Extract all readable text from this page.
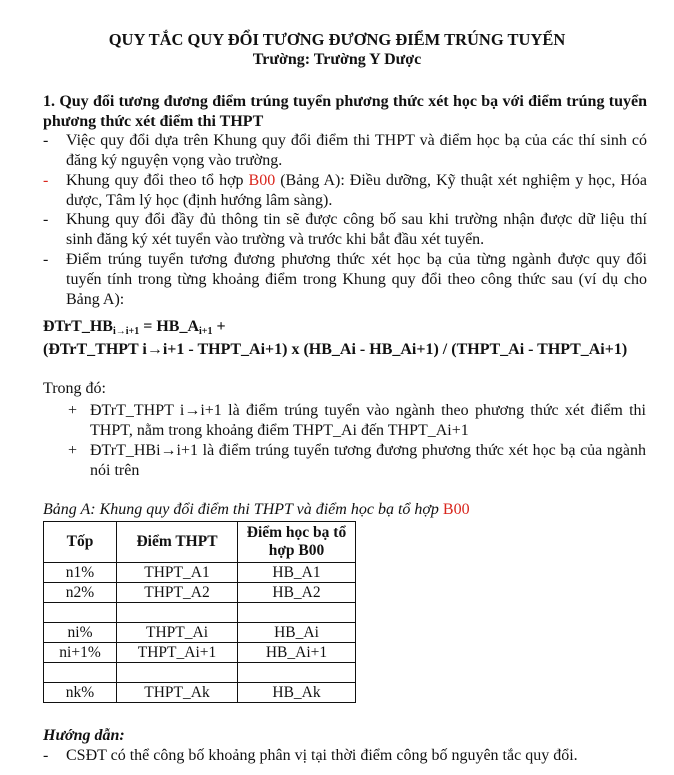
QUY TẮC QUY ĐỔI TƯƠNG ĐƯƠNG ĐIỂM TRÚNG TUYỂN
Trường: Trường Y Dược
1. Quy đổi tương đương điểm trúng tuyển phương thức xét học bạ với điểm trúng tuyển phương thức xét điểm thi THPT
-	Việc quy đổi dựa trên Khung quy đổi điểm thi THPT và điểm học bạ của các thí sinh có đăng ký nguyện vọng vào trường.
-	Khung quy đổi theo tổ hợp B00 (Bảng A): Điều dưỡng, Kỹ thuật xét nghiệm y học, Hóa dược, Tâm lý học (định hướng lâm sàng).
-	Khung quy đổi đầy đủ thông tin sẽ được công bố sau khi trường nhận được dữ liệu thí sinh đăng ký xét tuyển vào trường và trước khi bắt đầu xét tuyển.
-	Điểm trúng tuyển tương đương phương thức xét học bạ của từng ngành được quy đổi tuyến tính trong từng khoảng điểm trong Khung quy đổi theo công thức sau (ví dụ cho Bảng A):
$ĐTrT\_HB_{i\to i+1}$ = $HB\_A_{i+1}$ +
(ĐTrT_THPT i→i+1 - THPT_Ai+1) x (HB_Ai - HB_Ai+1) / (THPT_Ai - THPT_Ai+1)
Trong đó:
+ ĐTrT_THPT i→i+1 là điểm trúng tuyển vào ngành theo phương thức xét điểm thi THPT, nằm trong khoảng điểm THPT_Ai đến THPT_Ai+1
+ ĐTrT_HBi→i+1 là điểm trúng tuyển tương đương phương thức xét học bạ của ngành nói trên
Bảng A: Khung quy đổi điểm thi THPT và điểm học bạ tổ hợp B00
Tốp	Điểm THPT	Điểm học bạ tổ hợp B00
n1%	THPT_A1	HB_A1
n2%	THPT_A2	HB_A2

ni%	THPT_Ai	HB_Ai
ni+1%	THPT_Ai+1	HB_Ai+1

nk%	THPT_Ak	HB_Ak
Hướng dẫn:
-	CSĐT có thể công bố khoảng phân vị tại thời điểm công bố nguyên tắc quy đổi.
